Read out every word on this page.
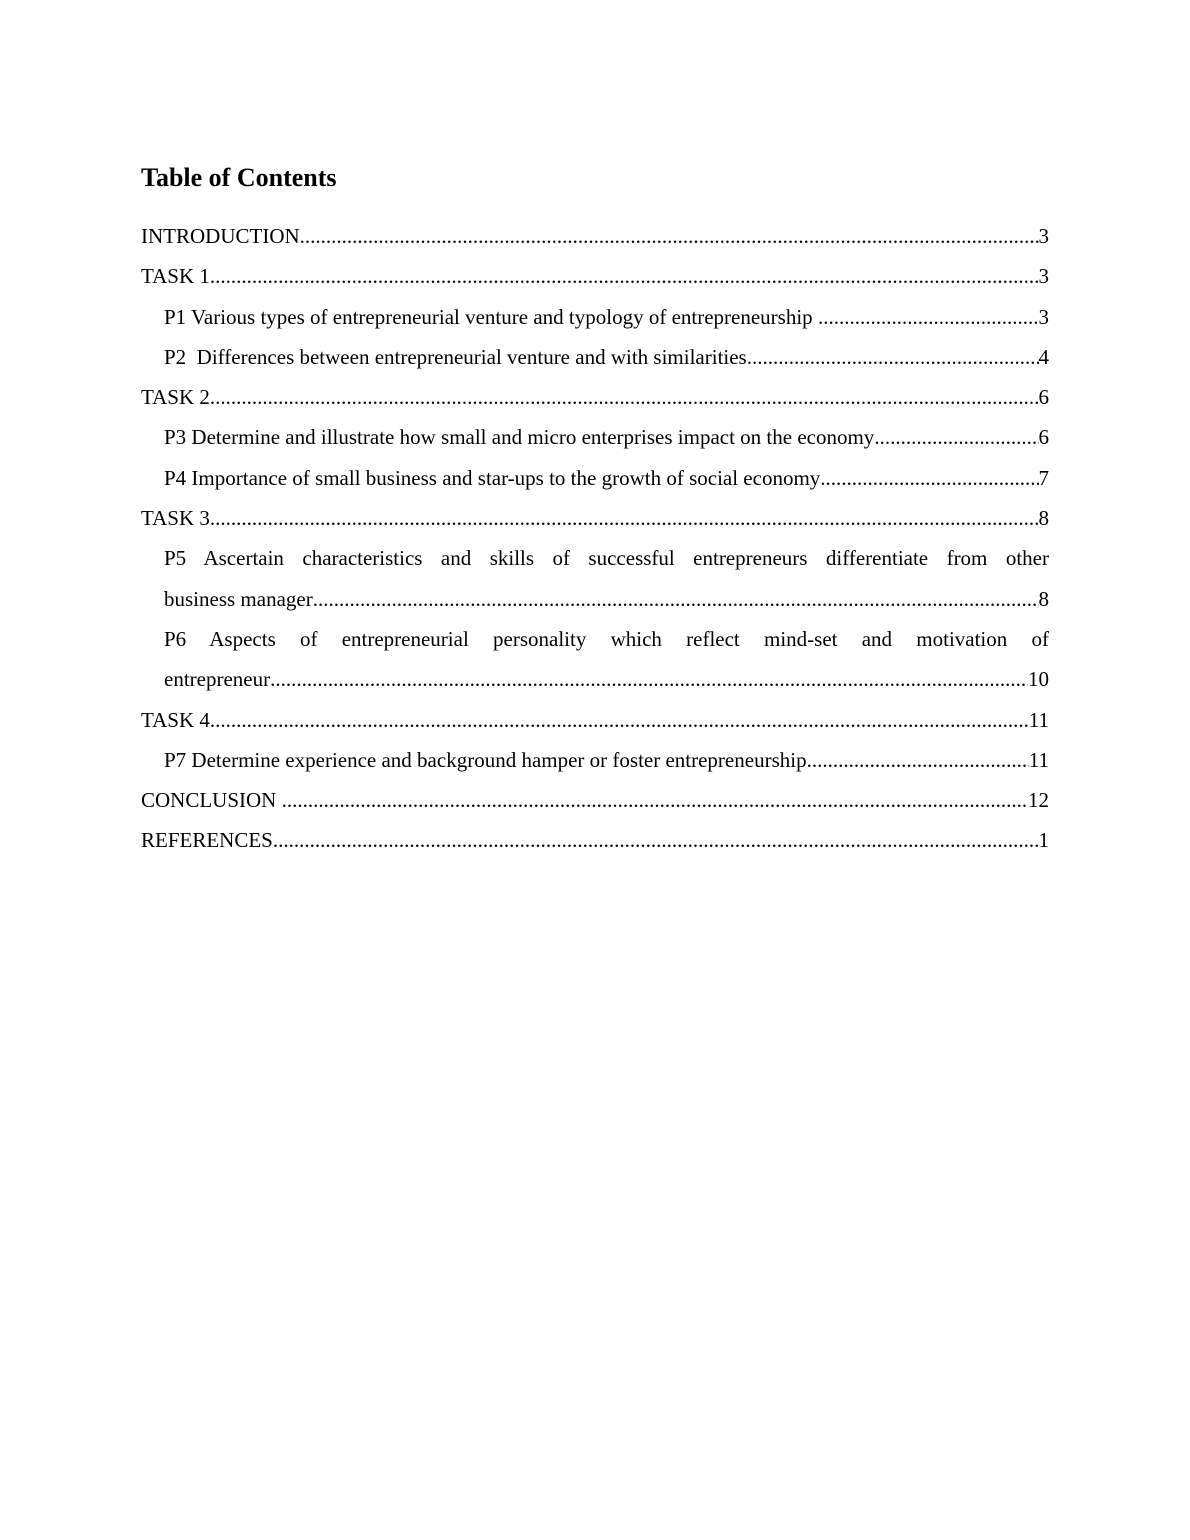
Table of Contents
INTRODUCTION .....	3
TASK 1 .....	3
P1 Various types of entrepreneurial venture and typology of entrepreneurship .....	3
P2  Differences between entrepreneurial venture and with similarities .....	4
TASK 2 .....	6
P3 Determine and illustrate how small and micro enterprises impact on the economy .....	6
P4 Importance of small business and star-ups to the growth of social economy .....	7
TASK 3 .....	8
P5 Ascertain characteristics and skills of successful entrepreneurs differentiate from other
business manager .....	8
P6 Aspects of entrepreneurial personality which reflect mind-set and motivation of
entrepreneur .....	10
TASK 4 .....	11
P7 Determine experience and background hamper or foster entrepreneurship .....	11
CONCLUSION .....	12
REFERENCES .....	1
